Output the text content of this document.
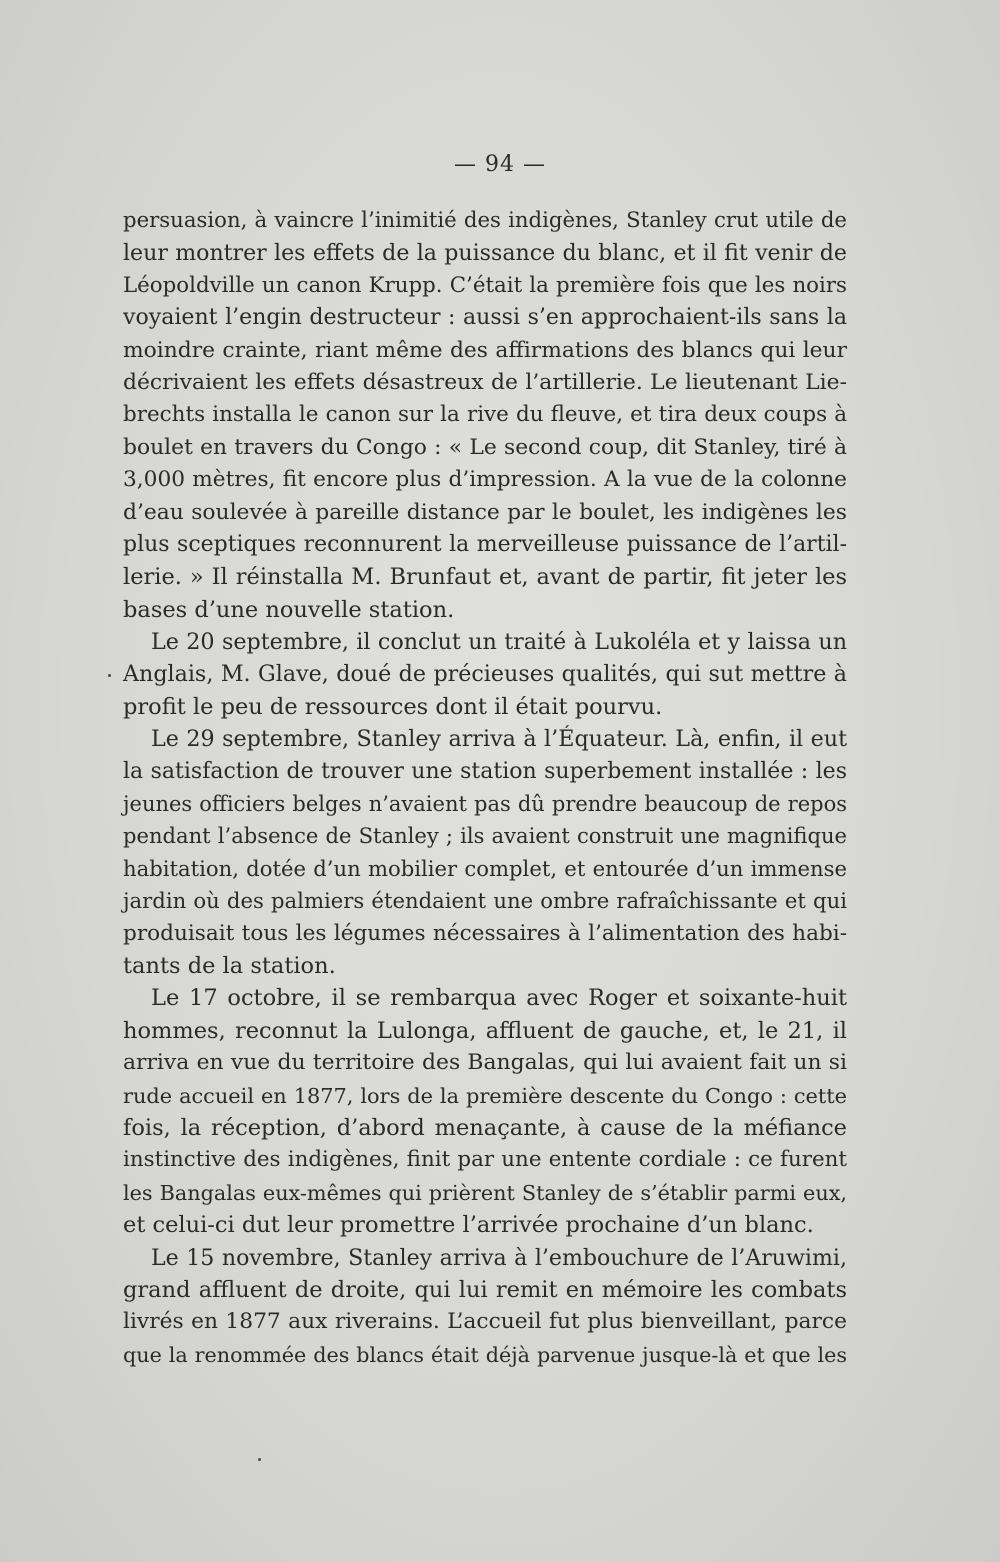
— 94 —
persuasion, à vaincre l’inimitié des indigènes, Stanley crut utile de
leur montrer les effets de la puissance du blanc, et il fit venir de
Léopoldville un canon Krupp. C’était la première fois que les noirs
voyaient l’engin destructeur : aussi s’en approchaient-ils sans la
moindre crainte, riant même des affirmations des blancs qui leur
décrivaient les effets désastreux de l’artillerie. Le lieutenant Lie-
brechts installa le canon sur la rive du fleuve, et tira deux coups à
boulet en travers du Congo : « Le second coup, dit Stanley, tiré à
3,000 mètres, fit encore plus d’impression. A la vue de la colonne
d’eau soulevée à pareille distance par le boulet, les indigènes les
plus sceptiques reconnurent la merveilleuse puissance de l’artil-
lerie. » Il réinstalla M. Brunfaut et, avant de partir, fit jeter les
bases d’une nouvelle station.
Le 20 septembre, il conclut un traité à Lukoléla et y laissa un
Anglais, M. Glave, doué de précieuses qualités, qui sut mettre à
profit le peu de ressources dont il était pourvu.
Le 29 septembre, Stanley arriva à l’Équateur. Là, enfin, il eut
la satisfaction de trouver une station superbement installée : les
jeunes officiers belges n’avaient pas dû prendre beaucoup de repos
pendant l’absence de Stanley ; ils avaient construit une magnifique
habitation, dotée d’un mobilier complet, et entourée d’un immense
jardin où des palmiers étendaient une ombre rafraîchissante et qui
produisait tous les légumes nécessaires à l’alimentation des habi-
tants de la station.
Le 17 octobre, il se rembarqua avec Roger et soixante-huit
hommes, reconnut la Lulonga, affluent de gauche, et, le 21, il
arriva en vue du territoire des Bangalas, qui lui avaient fait un si
rude accueil en 1877, lors de la première descente du Congo : cette
fois, la réception, d’abord menaçante, à cause de la méfiance
instinctive des indigènes, finit par une entente cordiale : ce furent
les Bangalas eux-mêmes qui prièrent Stanley de s’établir parmi eux,
et celui-ci dut leur promettre l’arrivée prochaine d’un blanc.
Le 15 novembre, Stanley arriva à l’embouchure de l’Aruwimi,
grand affluent de droite, qui lui remit en mémoire les combats
livrés en 1877 aux riverains. L’accueil fut plus bienveillant, parce
que la renommée des blancs était déjà parvenue jusque-là et que les
